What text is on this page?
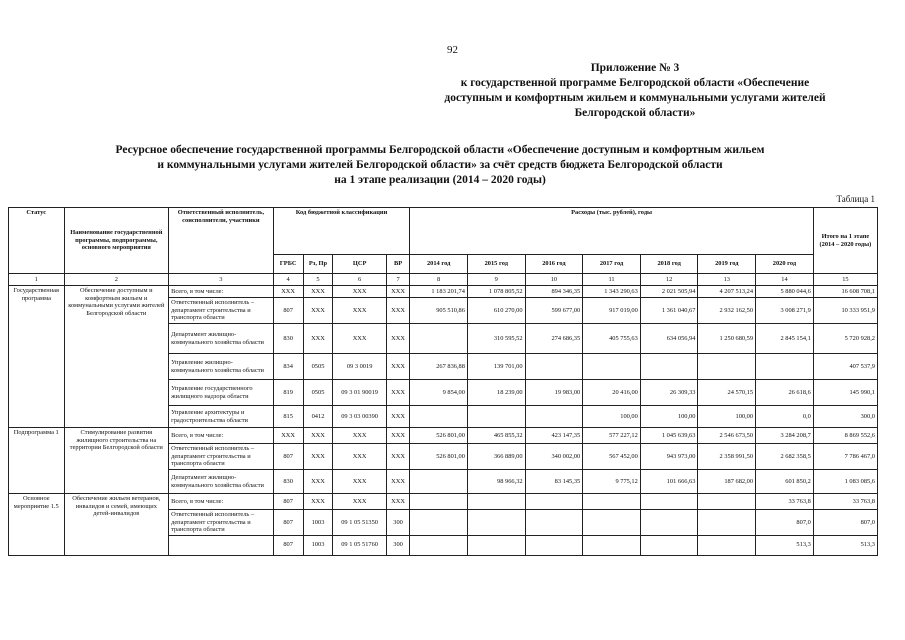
92
Приложение № 3
к государственной программе Белгородской области «Обеспечение
доступным и комфортным жильем и коммунальными услугами жителей
Белгородской области»
Ресурсное обеспечение государственной программы Белгородской области «Обеспечение доступным и комфортным жильем
и коммунальными услугами жителей Белгородской области» за счёт средств бюджета Белгородской области
на 1 этапе реализации (2014 – 2020 годы)
Таблица 1
Статус	Наименование государственной программы, подпрограммы, основного мероприятия	Ответственный исполнитель, соисполнители, участники	Код бюджетной классификации				Расходы (тыс. рублей), годы							Итого на 1 этапе (2014 – 2020 годы)
			ГРБС	Рз, Пр	ЦСР	ВР	2014 год	2015 год	2016 год	2017 год	2018 год	2019 год	2020 год	
1	2	3	4	5	6	7	8	9	10	11	12	13	14	15
Государственная программа	Обеспечение доступным и комфортным жильем и коммунальными услугами жителей Белгородской области	Всего, в том числе:	XXX	XXX	XXX	XXX	1 183 201,74	1 078 805,52	894 346,35	1 343 290,63	2 021 505,94	4 207 513,24	5 880 044,6	16 608 708,1
		Ответственный исполнитель – департамент строительства и транспорта области	807	XXX	XXX	XXX	905 510,86	610 270,00	599 677,00	917 019,00	1 361 040,67	2 932 162,50	3 008 271,9	10 333 951,9
		Департамент жилищно-коммунального хозяйства области	830	XXX	XXX	XXX		310 595,52	274 686,35	405 755,63	634 056,94	1 250 680,59	2 845 154,1	5 720 928,2
		Управление жилищно-коммунального хозяйства области	834	0505	09 3 0019	XXX	267 836,88	139 701,00						407 537,9
		Управление государственного жилищного надзора области	819	0505	09 3 01 90019	XXX	9 854,00	18 239,00	19 983,00	20 416,00	26 309,33	24 570,15	26 618,6	145 990,1
		Управление архитектуры и градостроительства области	815	0412	09 3 03 00390	XXX				100,00	100,00	100,00	0,0	300,0
Подпрограмма 1	Стимулирование развития жилищного строительства на территории Белгородской области	Всего, в том числе:	XXX	XXX	XXX	XXX	526 801,00	465 855,32	423 147,35	577 227,12	1 045 639,63	2 546 673,50	3 284 208,7	8 869 552,6
		Ответственный исполнитель – департамент строительства и транспорта области	807	XXX	XXX	XXX	526 801,00	366 889,00	340 002,00	567 452,00	943 973,00	2 358 991,50	2 682 358,5	7 786 467,0
		Департамент жилищно-коммунального хозяйства области	830	XXX	XXX	XXX		98 966,32	83 145,35	9 775,12	101 666,63	187 682,00	601 850,2	1 083 085,6
Основное мероприятие 1.5	Обеспечение жильем ветеранов, инвалидов и семей, имеющих детей-инвалидов	Всего, в том числе:	807	XXX	XXX	XXX							33 763,8	33 763,8
		Ответственный исполнитель – департамент строительства и транспорта области	807	1003	09 1 05 51350	300							807,0	807,0
			807	1003	09 1 05 51760	300							513,3	513,3
